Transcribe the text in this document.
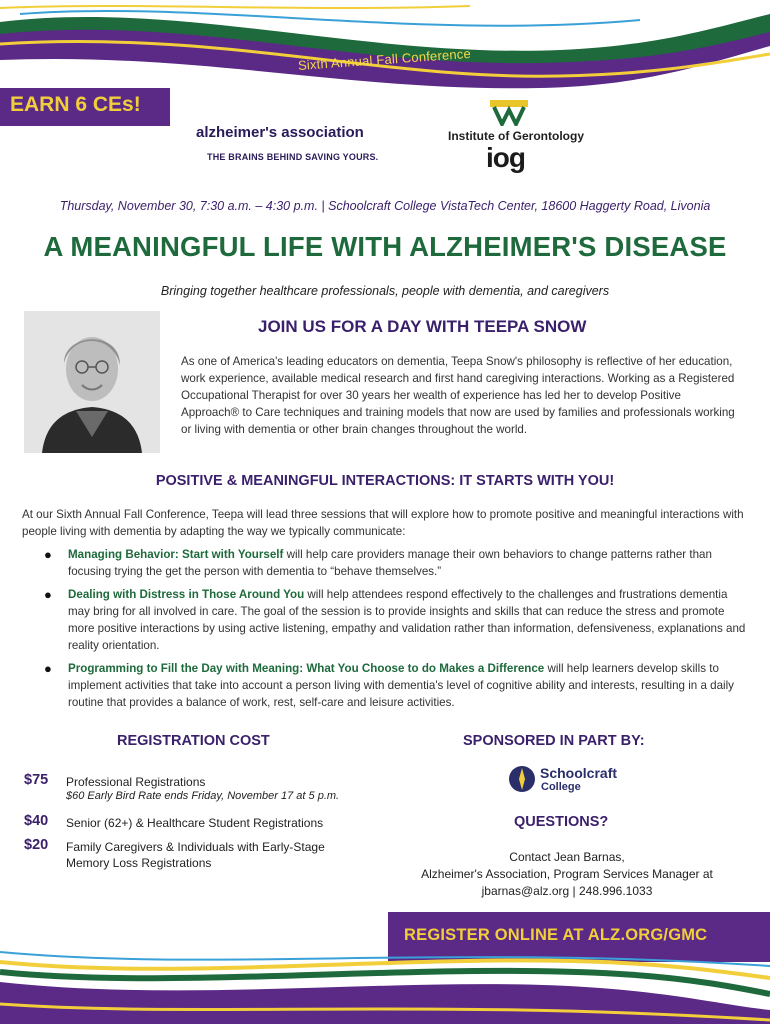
Sixth Annual Fall Conference
EARN 6 CEs!
alzheimer's association
THE BRAINS BEHIND SAVING YOURS.
Institute of Gerontology
iog
Thursday, November 30, 7:30 a.m. – 4:30 p.m. | Schoolcraft College VistaTech Center, 18600 Haggerty Road, Livonia
A MEANINGFUL LIFE WITH ALZHEIMER'S DISEASE
Bringing together healthcare professionals, people with dementia, and caregivers
JOIN US FOR A DAY WITH TEEPA SNOW
As one of America's leading educators on dementia, Teepa Snow's philosophy is reflective of her education, work experience, available medical research and first hand caregiving interactions. Working as a Registered Occupational Therapist for over 30 years her wealth of experience has led her to develop Positive Approach® to Care techniques and training models that now are used by families and professionals working or living with dementia or other brain changes throughout the world.
POSITIVE & MEANINGFUL INTERACTIONS: IT STARTS WITH YOU!
At our Sixth Annual Fall Conference, Teepa will lead three sessions that will explore how to promote positive and meaningful interactions with people living with dementia by adapting the way we typically communicate:
● Managing Behavior: Start with Yourself will help care providers manage their own behaviors to change patterns rather than focusing trying the get the person with dementia to “behave themselves.”
● Dealing with Distress in Those Around You will help attendees respond effectively to the challenges and frustrations dementia may bring for all involved in care. The goal of the session is to provide insights and skills that can reduce the stress and promote more positive interactions by using active listening, empathy and validation rather than information, defensiveness, explanations and reality orientation.
● Programming to Fill the Day with Meaning: What You Choose to do Makes a Difference will help learners develop skills to implement activities that take into account a person living with dementia's level of cognitive ability and interests, resulting in a daily routine that provides a balance of work, rest, self-care and leisure activities.
REGISTRATION COST
$75 Professional Registrations
$60 Early Bird Rate ends Friday, November 17 at 5 p.m.
$40 Senior (62+) & Healthcare Student Registrations
$20 Family Caregivers & Individuals with Early-Stage
Memory Loss Registrations
SPONSORED IN PART BY:
Schoolcraft
College
QUESTIONS?
Contact Jean Barnas,
Alzheimer's Association, Program Services Manager at
jbarnas@alz.org | 248.996.1033
REGISTER ONLINE AT ALZ.ORG/GMC
